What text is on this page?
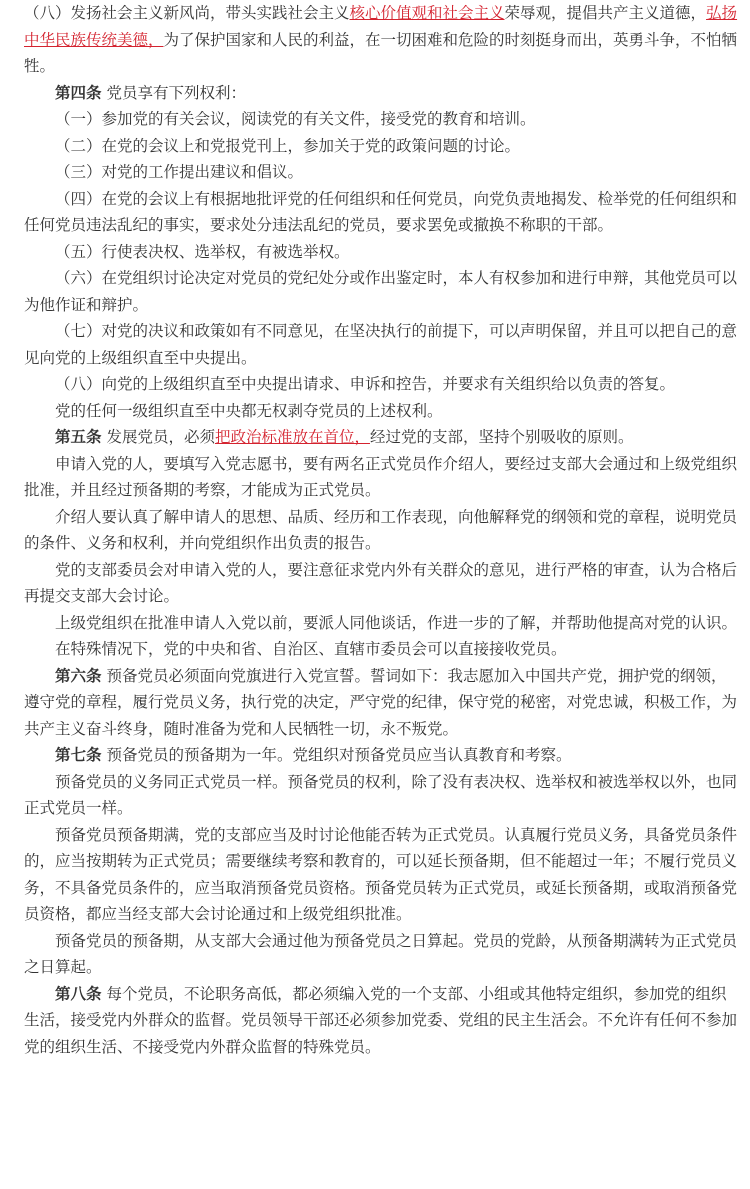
（八）发扬社会主义新风尚，带头实践社会主义核心价值观和社会主义荣辱观，提倡共产主义道德，弘扬中华民族传统美德，为了保护国家和人民的利益，在一切困难和危险的时刻挺身而出，英勇斗争，不怕牺牲。

第四条 党员享有下列权利：

（一）参加党的有关会议，阅读党的有关文件，接受党的教育和培训。

（二）在党的会议上和党报党刊上，参加关于党的政策问题的讨论。

（三）对党的工作提出建议和倡议。

（四）在党的会议上有根据地批评党的任何组织和任何党员，向党负责地揭发、检举党的任何组织和任何党员违法乱纪的事实，要求处分违法乱纪的党员，要求罢免或撤换不称职的干部。

（五）行使表决权、选举权，有被选举权。

（六）在党组织讨论决定对党员的党纪处分或作出鉴定时，本人有权参加和进行申辩，其他党员可以为他作证和辩护。

（七）对党的决议和政策如有不同意见，在坚决执行的前提下，可以声明保留，并且可以把自己的意见向党的上级组织直至中央提出。

（八）向党的上级组织直至中央提出请求、申诉和控告，并要求有关组织给以负责的答复。

党的任何一级组织直至中央都无权剥夺党员的上述权利。

第五条 发展党员，必须把政治标准放在首位，经过党的支部，坚持个别吸收的原则。

申请入党的人，要填写入党志愿书，要有两名正式党员作介绍人，要经过支部大会通过和上级党组织批准，并且经过预备期的考察，才能成为正式党员。

介绍人要认真了解申请人的思想、品质、经历和工作表现，向他解释党的纲领和党的章程，说明党员的条件、义务和权利，并向党组织作出负责的报告。

党的支部委员会对申请入党的人，要注意征求党内外有关群众的意见，进行严格的审查，认为合格后再提交支部大会讨论。

上级党组织在批准申请人入党以前，要派人同他谈话，作进一步的了解，并帮助他提高对党的认识。

在特殊情况下，党的中央和省、自治区、直辖市委员会可以直接接收党员。

第六条 预备党员必须面向党旗进行入党宣誓。誓词如下：我志愿加入中国共产党，拥护党的纲领，遵守党的章程，履行党员义务，执行党的决定，严守党的纪律，保守党的秘密，对党忠诚，积极工作，为共产主义奋斗终身，随时准备为党和人民牺牲一切，永不叛党。

第七条 预备党员的预备期为一年。党组织对预备党员应当认真教育和考察。

预备党员的义务同正式党员一样。预备党员的权利，除了没有表决权、选举权和被选举权以外，也同正式党员一样。

预备党员预备期满，党的支部应当及时讨论他能否转为正式党员。认真履行党员义务，具备党员条件的，应当按期转为正式党员；需要继续考察和教育的，可以延长预备期，但不能超过一年；不履行党员义务，不具备党员条件的，应当取消预备党员资格。预备党员转为正式党员，或延长预备期，或取消预备党员资格，都应当经支部大会讨论通过和上级党组织批准。

预备党员的预备期，从支部大会通过他为预备党员之日算起。党员的党龄，从预备期满转为正式党员之日算起。

第八条 每个党员，不论职务高低，都必须编入党的一个支部、小组或其他特定组织，参加党的组织生活，接受党内外群众的监督。党员领导干部还必须参加党委、党组的民主生活会。不允许有任何不参加党的组织生活、不接受党内外群众监督的特殊党员。
